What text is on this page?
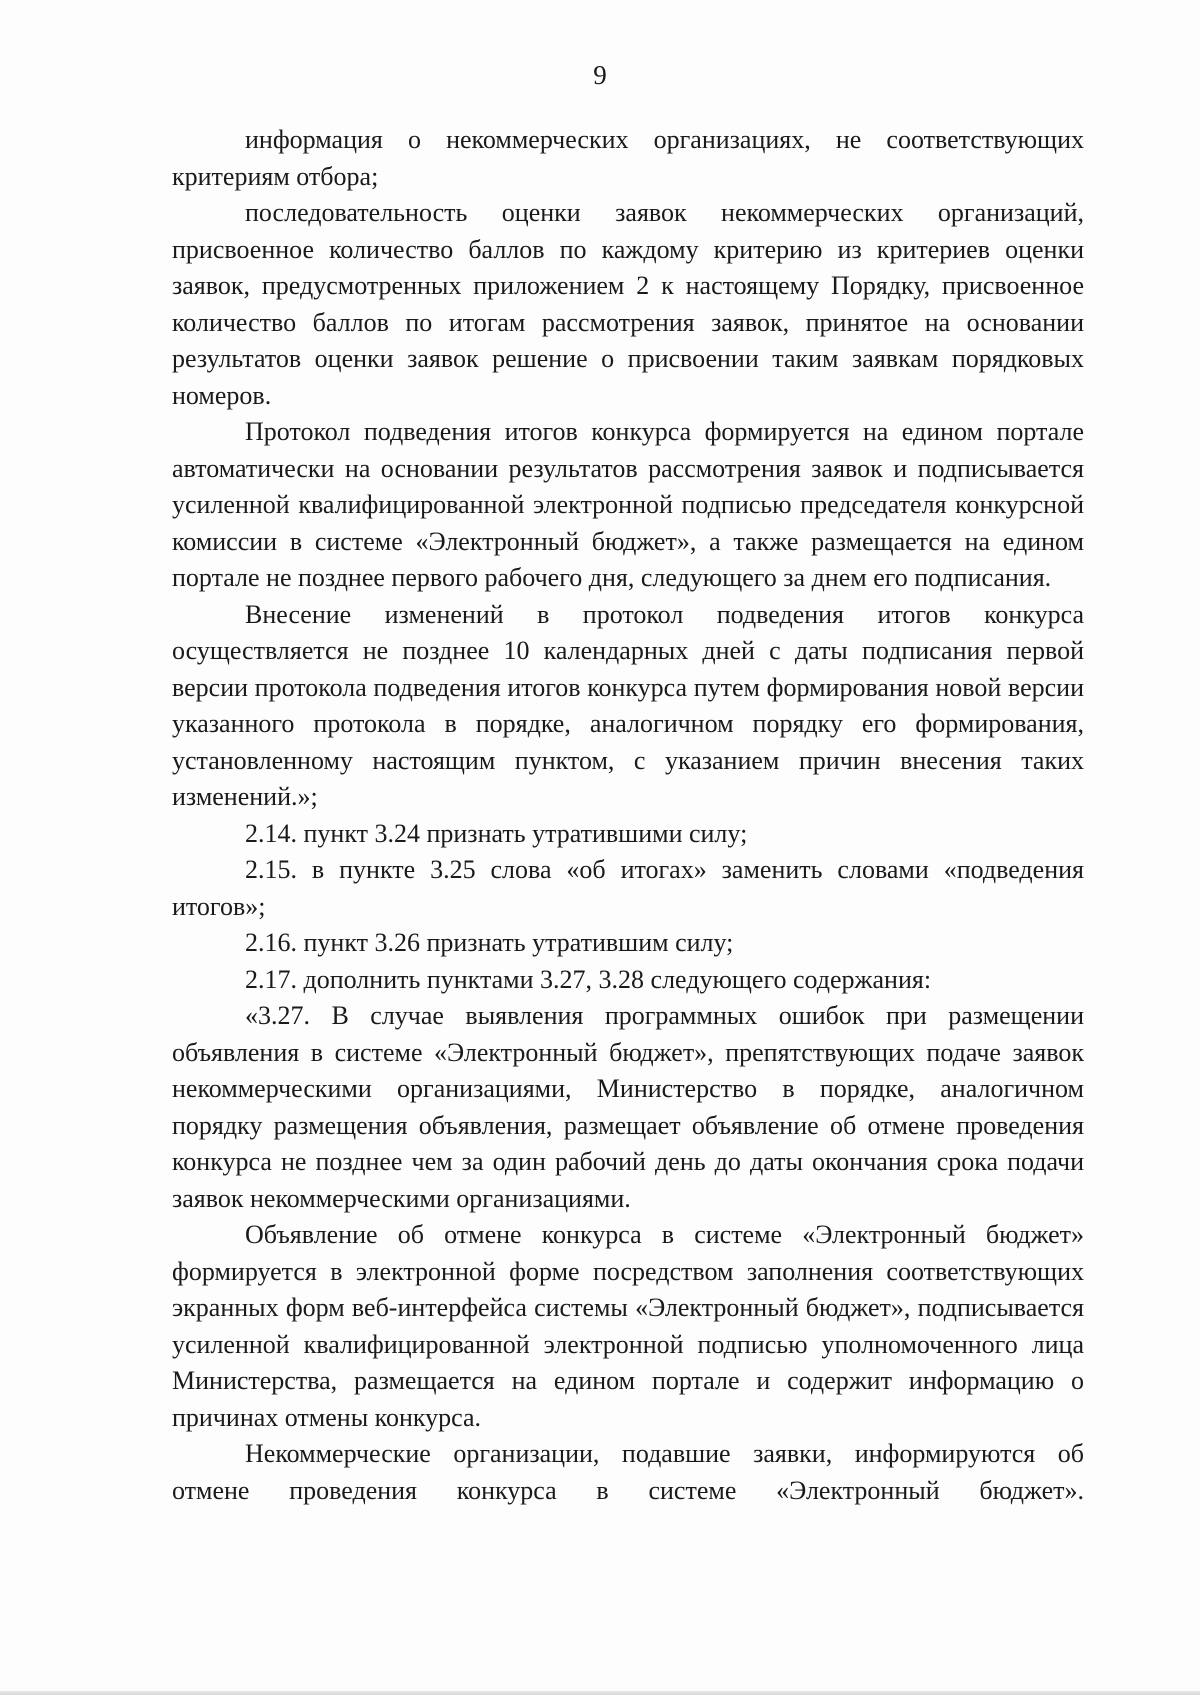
9

информация о некоммерческих организациях, не соответствующих критериям отбора;

последовательность оценки заявок некоммерческих организаций, присвоенное количество баллов по каждому критерию из критериев оценки заявок, предусмотренных приложением 2 к настоящему Порядку, присвоенное количество баллов по итогам рассмотрения заявок, принятое на основании результатов оценки заявок решение о присвоении таким заявкам порядковых номеров.

Протокол подведения итогов конкурса формируется на едином портале автоматически на основании результатов рассмотрения заявок и подписывается усиленной квалифицированной электронной подписью председателя конкурсной комиссии в системе «Электронный бюджет», а также размещается на едином портале не позднее первого рабочего дня, следующего за днем его подписания.

Внесение изменений в протокол подведения итогов конкурса осуществляется не позднее 10 календарных дней с даты подписания первой версии протокола подведения итогов конкурса путем формирования новой версии указанного протокола в порядке, аналогичном порядку его формирования, установленному настоящим пунктом, с указанием причин внесения таких изменений.»;

2.14. пункт 3.24 признать утратившими силу;

2.15. в пункте 3.25 слова «об итогах» заменить словами «подведения итогов»;

2.16. пункт 3.26 признать утратившим силу;

2.17. дополнить пунктами 3.27, 3.28 следующего содержания:

«3.27. В случае выявления программных ошибок при размещении объявления в системе «Электронный бюджет», препятствующих подаче заявок некоммерческими организациями, Министерство в порядке, аналогичном порядку размещения объявления, размещает объявление об отмене проведения конкурса не позднее чем за один рабочий день до даты окончания срока подачи заявок некоммерческими организациями.

Объявление об отмене конкурса в системе «Электронный бюджет» формируется в электронной форме посредством заполнения соответствующих экранных форм веб-интерфейса системы «Электронный бюджет», подписывается усиленной квалифицированной электронной подписью уполномоченного лица Министерства, размещается на едином портале и содержит информацию о причинах отмены конкурса.

Некоммерческие организации, подавшие заявки, информируются об отмене проведения конкурса в системе «Электронный бюджет».
